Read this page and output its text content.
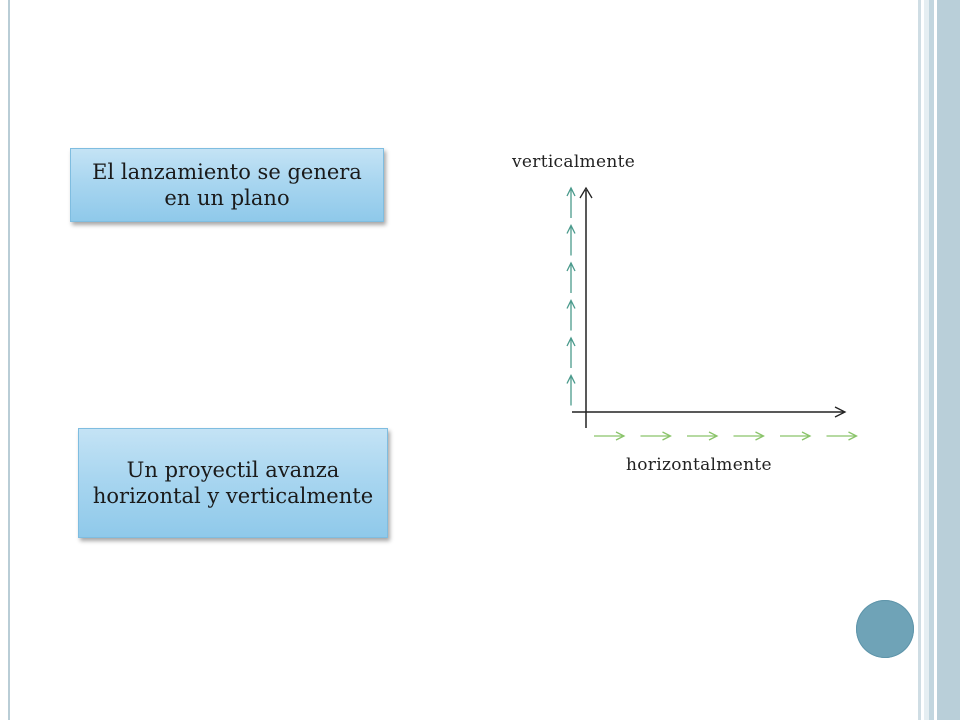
El lanzamiento se genera en un plano
Un proyectil avanza horizontal y verticalmente
verticalmente
horizontalmente
